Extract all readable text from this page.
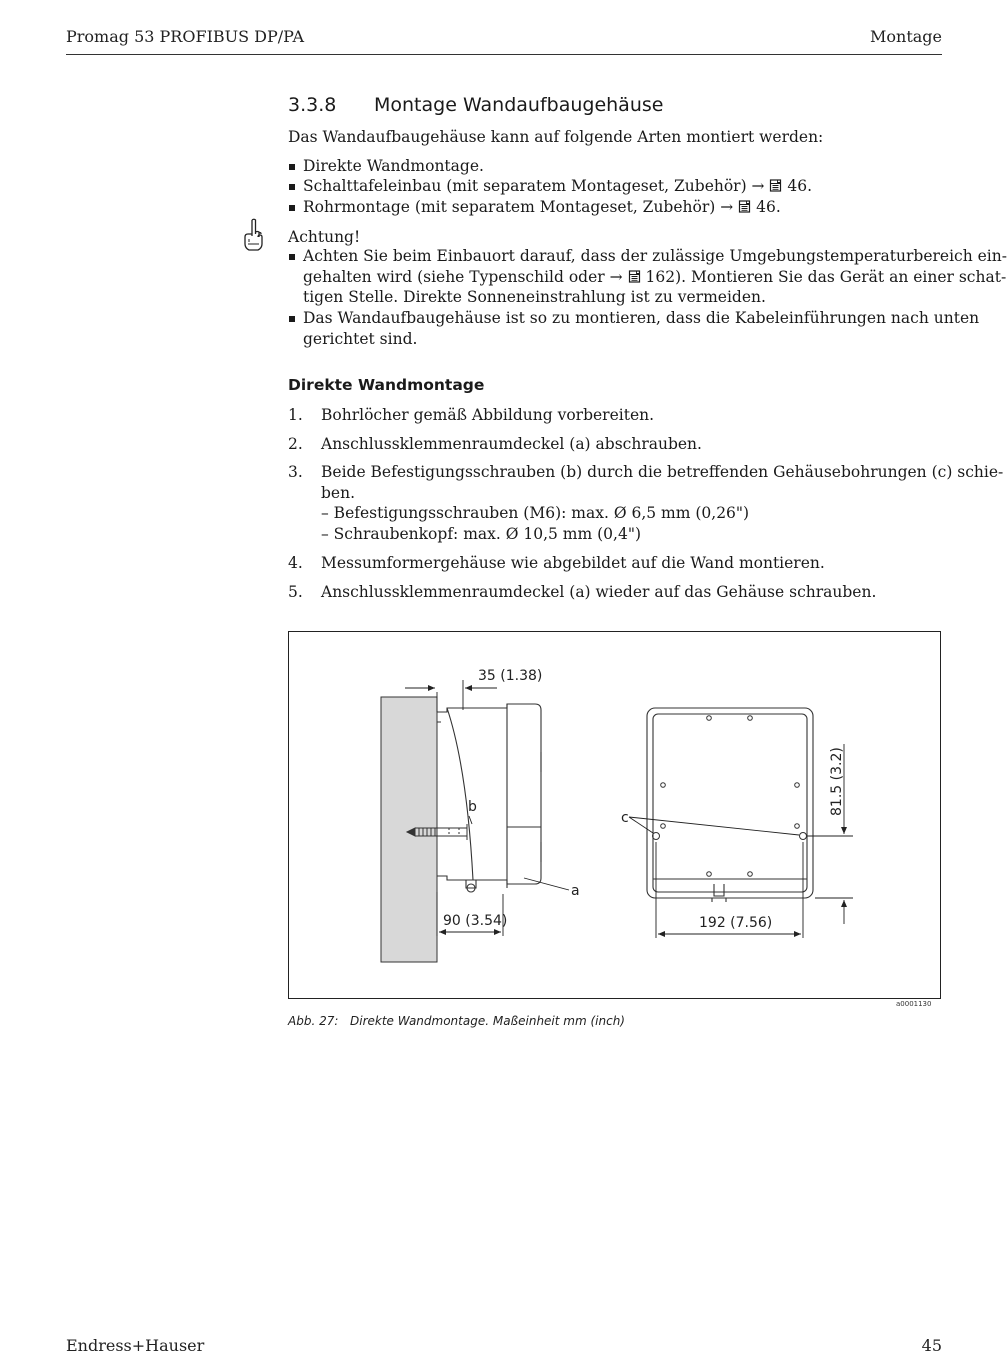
Promag 53 PROFIBUS DP/PA	Montage
3.3.8 Montage Wandaufbaugehäuse
Das Wandaufbaugehäuse kann auf folgende Arten montiert werden:
Direkte Wandmontage.
Schalttafeleinbau (mit separatem Montageset, Zubehör) →  46.
Rohrmontage (mit separatem Montageset, Zubehör) →  46.
Achtung!
Achten Sie beim Einbauort darauf, dass der zulässige Umgebungstemperaturbereich ein-
gehalten wird (siehe Typenschild oder →  162). Montieren Sie das Gerät an einer schat-
tigen Stelle. Direkte Sonneneinstrahlung ist zu vermeiden.
Das Wandaufbaugehäuse ist so zu montieren, dass die Kabeleinführungen nach unten
gerichtet sind.
Direkte Wandmontage
1. Bohrlöcher gemäß Abbildung vorbereiten.
2. Anschlussklemmenraumdeckel (a) abschrauben.
3. Beide Befestigungsschrauben (b) durch die betreffenden Gehäusebohrungen (c) schie-
ben.
– Befestigungsschrauben (M6): max. Ø 6,5 mm (0,26")
– Schraubenkopf: max. Ø 10,5 mm (0,4")
4. Messumformergehäuse wie abgebildet auf die Wand montieren.
5. Anschlussklemmenraumdeckel (a) wieder auf das Gehäuse schrauben.
35 (1.38)
90 (3.54)	192 (7.56)
81.5 (3.2)
a
b
c
a0001130
Abb. 27: Direkte Wandmontage. Maßeinheit mm (inch)
Endress+Hauser	45
